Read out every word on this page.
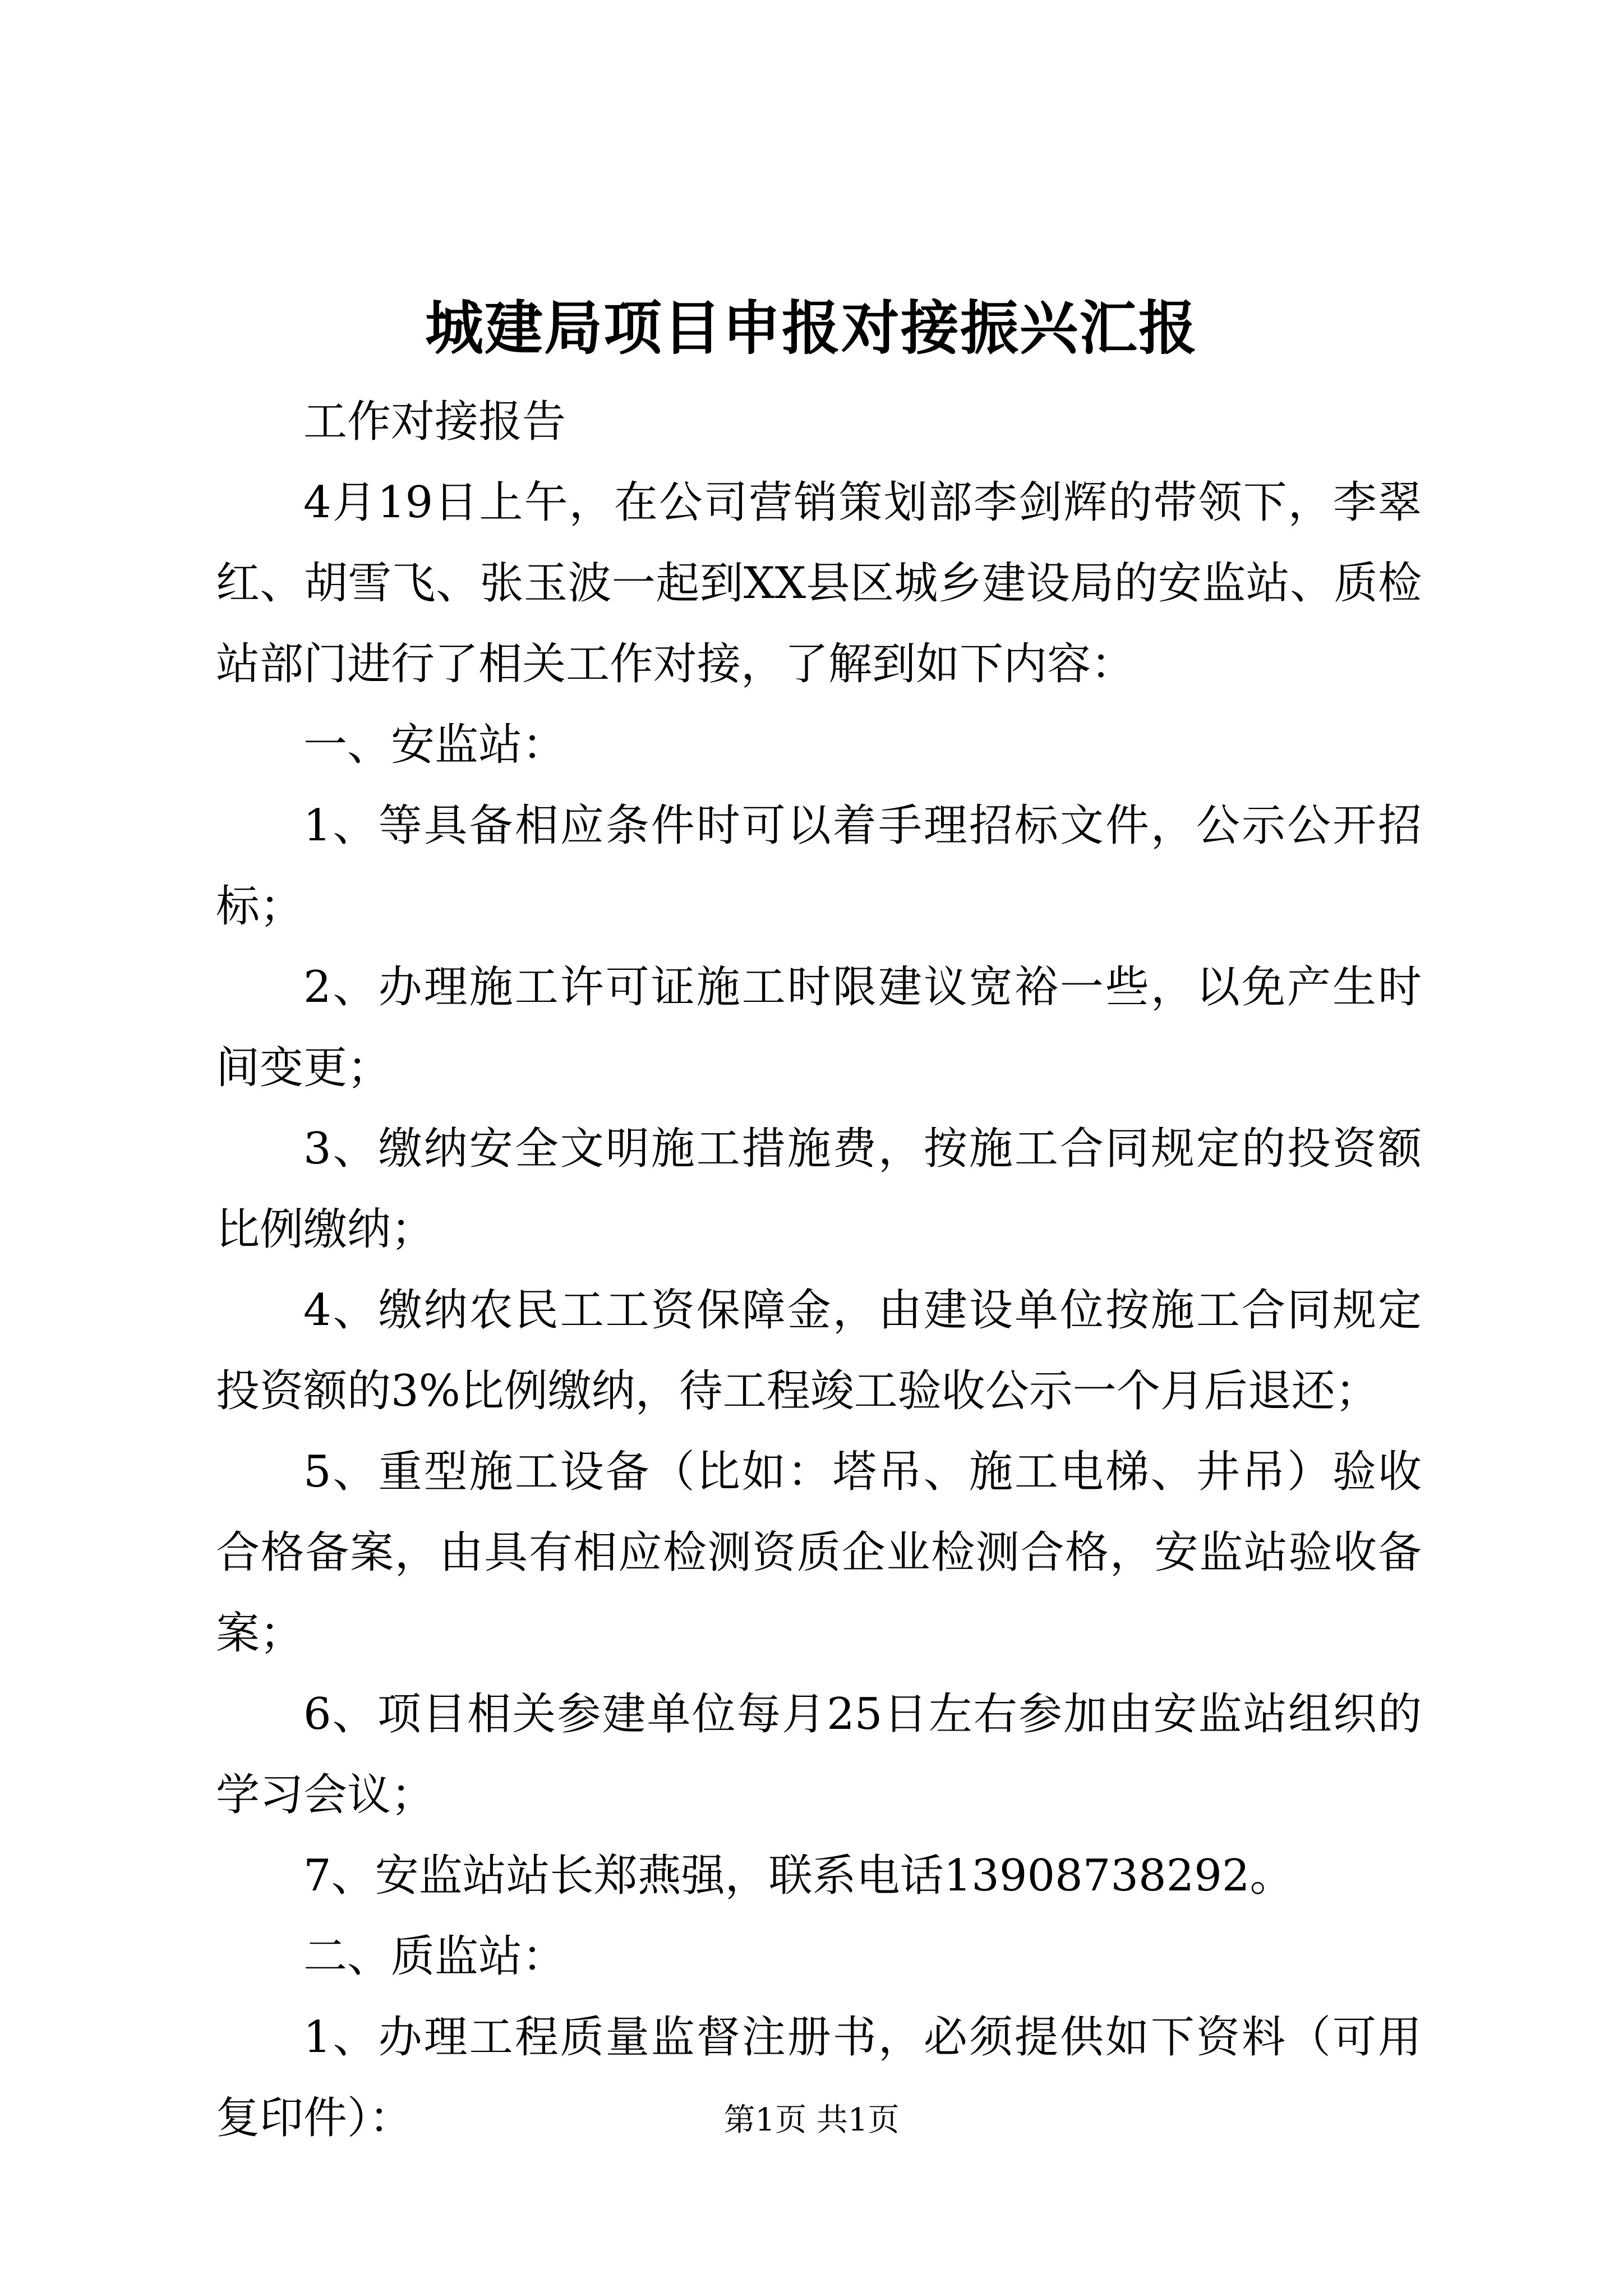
城建局项目申报对接振兴汇报

工作对接报告

4月19日上午，在公司营销策划部李剑辉的带领下，李翠红、胡雪飞、张玉波一起到XX县区城乡建设局的安监站、质检站部门进行了相关工作对接，了解到如下内容：

一、安监站：

1、等具备相应条件时可以着手理招标文件，公示公开招标；

2、办理施工许可证施工时限建议宽裕一些，以免产生时间变更；

3、缴纳安全文明施工措施费，按施工合同规定的投资额比例缴纳；

4、缴纳农民工工资保障金，由建设单位按施工合同规定投资额的3%比例缴纳，待工程竣工验收公示一个月后退还；

5、重型施工设备（比如：塔吊、施工电梯、井吊）验收合格备案，由具有相应检测资质企业检测合格，安监站验收备案；

6、项目相关参建单位每月25日左右参加由安监站组织的学习会议；

7、安监站站长郑燕强，联系电话13908738292。

二、质监站：

1、办理工程质量监督注册书，必须提供如下资料（可用复印件）：	第1页 共1页
